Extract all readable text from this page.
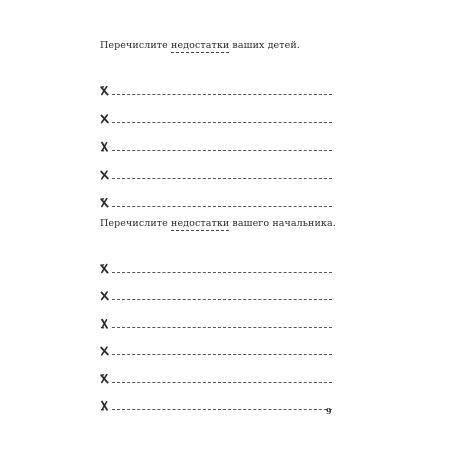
Перечислите недостатки ваших детей.

Перечислите недостатки вашего начальника.

9
